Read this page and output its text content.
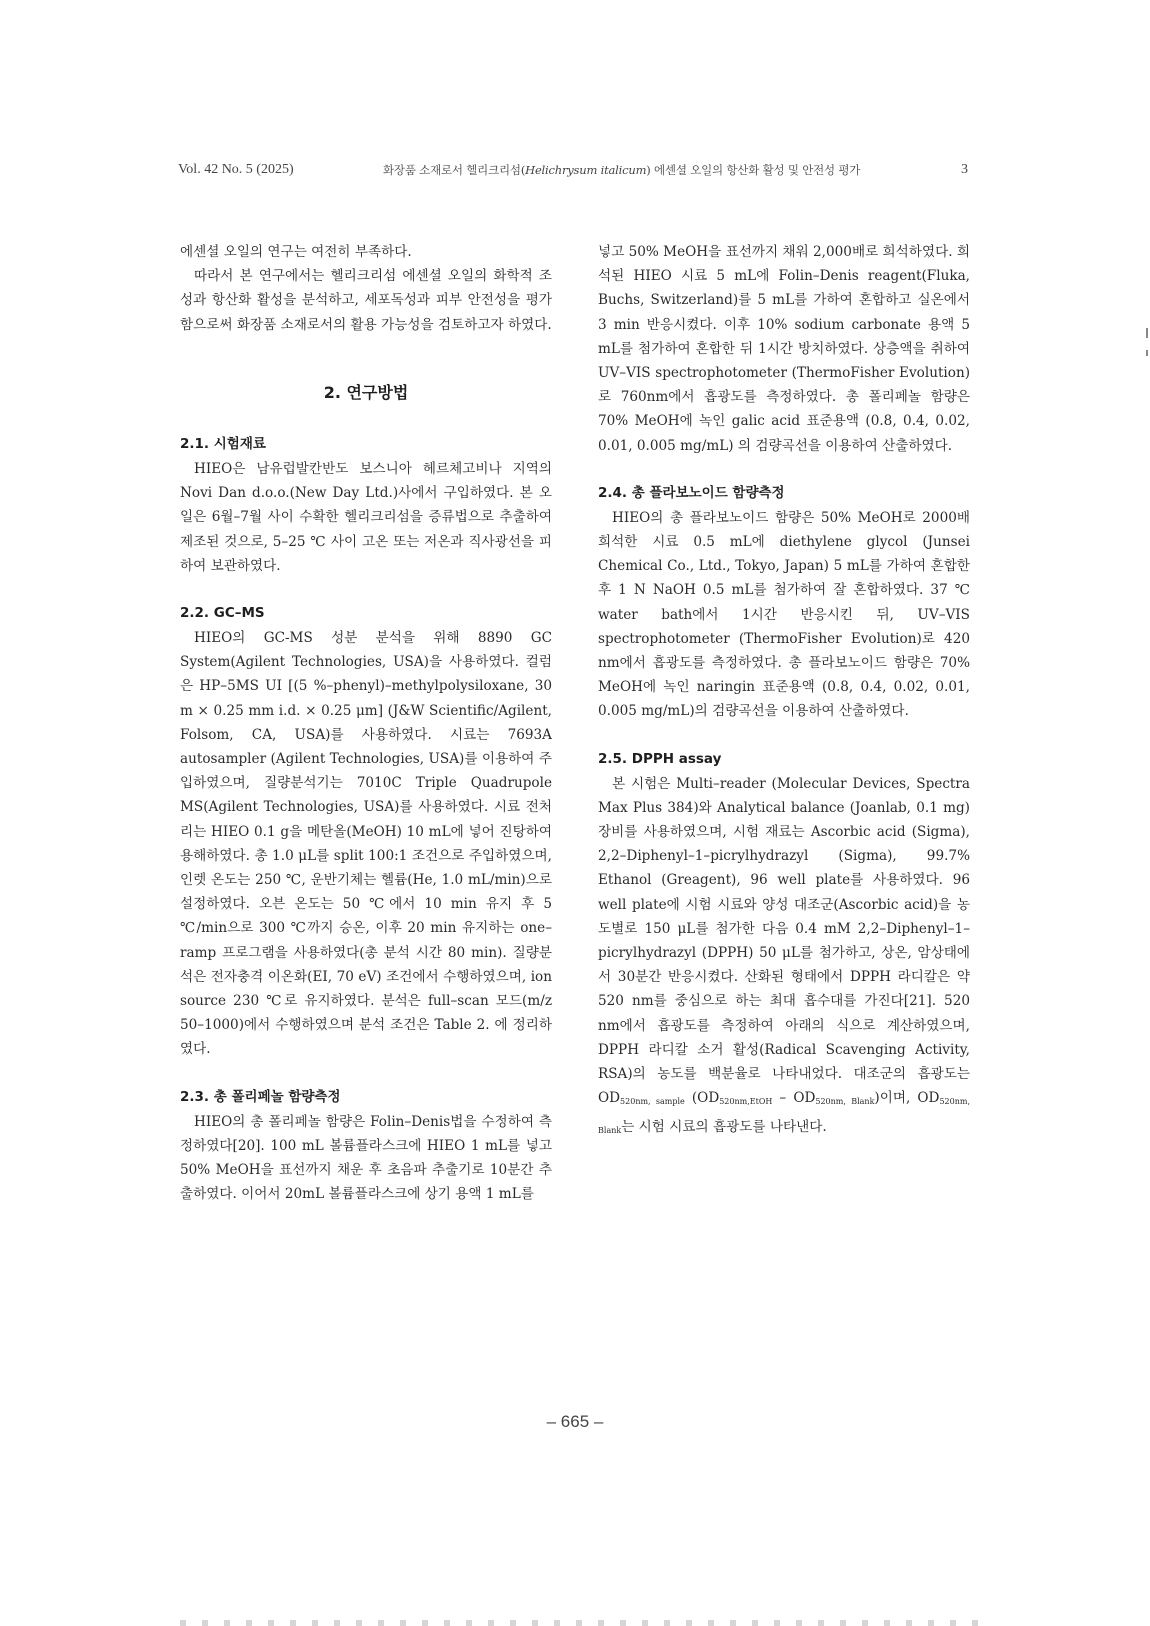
Vol. 42 No. 5 (2025)	화장품 소재로서 헬리크리섬(Helichrysum italicum) 에센셜 오일의 항산화 활성 및 안전성 평가	3

에센셜 오일의 연구는 여전히 부족하다.

따라서 본 연구에서는 헬리크리섬 에센셜 오일의 화학적 조성과 항산화 활성을 분석하고, 세포독성과 피부 안전성을 평가함으로써 화장품 소재로서의 활용 가능성을 검토하고자 하였다.

2. 연구방법
2.1. 시험재료

HIEO은 남유럽발칸반도 보스니아 헤르체고비나 지역의 Novi Dan d.o.o.(New Day Ltd.)사에서 구입하였다. 본 오일은 6월–7월 사이 수확한 헬리크리섬을 증류법으로 추출하여 제조된 것으로, 5–25 ℃ 사이 고온 또는 저온과 직사광선을 피하여 보관하였다.

2.2. GC–MS

HIEO의 GC-MS 성분 분석을 위해 8890 GC System(Agilent Technologies, USA)을 사용하였다. 컬럼은 HP–5MS UI [(5 %–phenyl)–methylpolysiloxane, 30 m × 0.25 mm i.d. × 0.25 μm] (J&W Scientific/Agilent, Folsom, CA, USA)를 사용하였다. 시료는 7693A autosampler (Agilent Technologies, USA)를 이용하여 주입하였으며, 질량분석기는 7010C Triple Quadrupole MS(Agilent Technologies, USA)를 사용하였다. 시료 전처리는 HIEO 0.1 g을 메탄올(MeOH) 10 mL에 넣어 진탕하여 용해하였다. 총 1.0 μL를 split 100:1 조건으로 주입하였으며, 인렛 온도는 250 ℃, 운반기체는 헬륨(He, 1.0 mL/min)으로 설정하였다. 오븐 온도는 50 ℃에서 10 min 유지 후 5 ℃/min으로 300 ℃까지 승온, 이후 20 min 유지하는 one–ramp 프로그램을 사용하였다(총 분석 시간 80 min). 질량분석은 전자충격 이온화(EI, 70 eV) 조건에서 수행하였으며, ion source 230 ℃로 유지하였다. 분석은 full–scan 모드(m/z 50–1000)에서 수행하였으며 분석 조건은 Table 2. 에 정리하였다.

2.3. 총 폴리페놀 함량측정

HIEO의 총 폴리페놀 함량은 Folin–Denis법을 수정하여 측정하였다[20]. 100 mL 볼륨플라스크에 HIEO 1 mL를 넣고 50% MeOH을 표선까지 채운 후 초음파 추출기로 10분간 추출하였다. 이어서 20mL 볼륨플라스크에 상기 용액 1 mL를

넣고 50% MeOH을 표선까지 채워 2,000배로 희석하였다. 희석된 HIEO 시료 5 mL에 Folin–Denis reagent(Fluka, Buchs, Switzerland)를 5 mL를 가하여 혼합하고 실온에서 3 min 반응시켰다. 이후 10% sodium carbonate 용액 5 mL를 첨가하여 혼합한 뒤 1시간 방치하였다. 상층액을 취하여 UV–VIS spectrophotometer (ThermoFisher Evolution)로 760nm에서 흡광도를 측정하였다. 총 폴리페놀 함량은 70% MeOH에 녹인 galic acid 표준용액 (0.8, 0.4, 0.02, 0.01, 0.005 mg/mL) 의 검량곡선을 이용하여 산출하였다.

2.4. 총 플라보노이드 함량측정

HIEO의 총 플라보노이드 함량은 50% MeOH로 2000배 희석한 시료 0.5 mL에 diethylene glycol (Junsei Chemical Co., Ltd., Tokyo, Japan) 5 mL를 가하여 혼합한 후 1 N NaOH 0.5 mL를 첨가하여 잘 혼합하였다. 37 ℃ water bath에서 1시간 반응시킨 뒤, UV–VIS spectrophotometer (ThermoFisher Evolution)로 420 nm에서 흡광도를 측정하였다. 총 플라보노이드 함량은 70% MeOH에 녹인 naringin 표준용액 (0.8, 0.4, 0.02, 0.01, 0.005 mg/mL)의 검량곡선을 이용하여 산출하였다.

2.5. DPPH assay

본 시험은 Multi–reader (Molecular Devices, Spectra Max Plus 384)와 Analytical balance (Joanlab, 0.1 mg) 장비를 사용하였으며, 시험 재료는 Ascorbic acid (Sigma), 2,2–Diphenyl–1–picrylhydrazyl (Sigma), 99.7% Ethanol (Greagent), 96 well plate를 사용하였다. 96 well plate에 시험 시료와 양성 대조군(Ascorbic acid)을 농도별로 150 μL를 첨가한 다음 0.4 mM 2,2–Diphenyl–1–picrylhydrazyl (DPPH) 50 μL를 첨가하고, 상온, 암상태에서 30분간 반응시켰다. 산화된 형태에서 DPPH 라디칼은 약 520 nm를 중심으로 하는 최대 흡수대를 가진다[21]. 520 nm에서 흡광도를 측정하여 아래의 식으로 계산하였으며, DPPH 라디칼 소거 활성(Radical Scavenging Activity, RSA)의 농도를 백분율로 나타내었다. 대조군의 흡광도는 $OD_{520nm, sample}$ $(OD_{520nm,EtOH} - OD_{520nm, Blank})$이며, $OD_{520nm, Blank}$는 시험 시료의 흡광도를 나타낸다.

– 665 –
